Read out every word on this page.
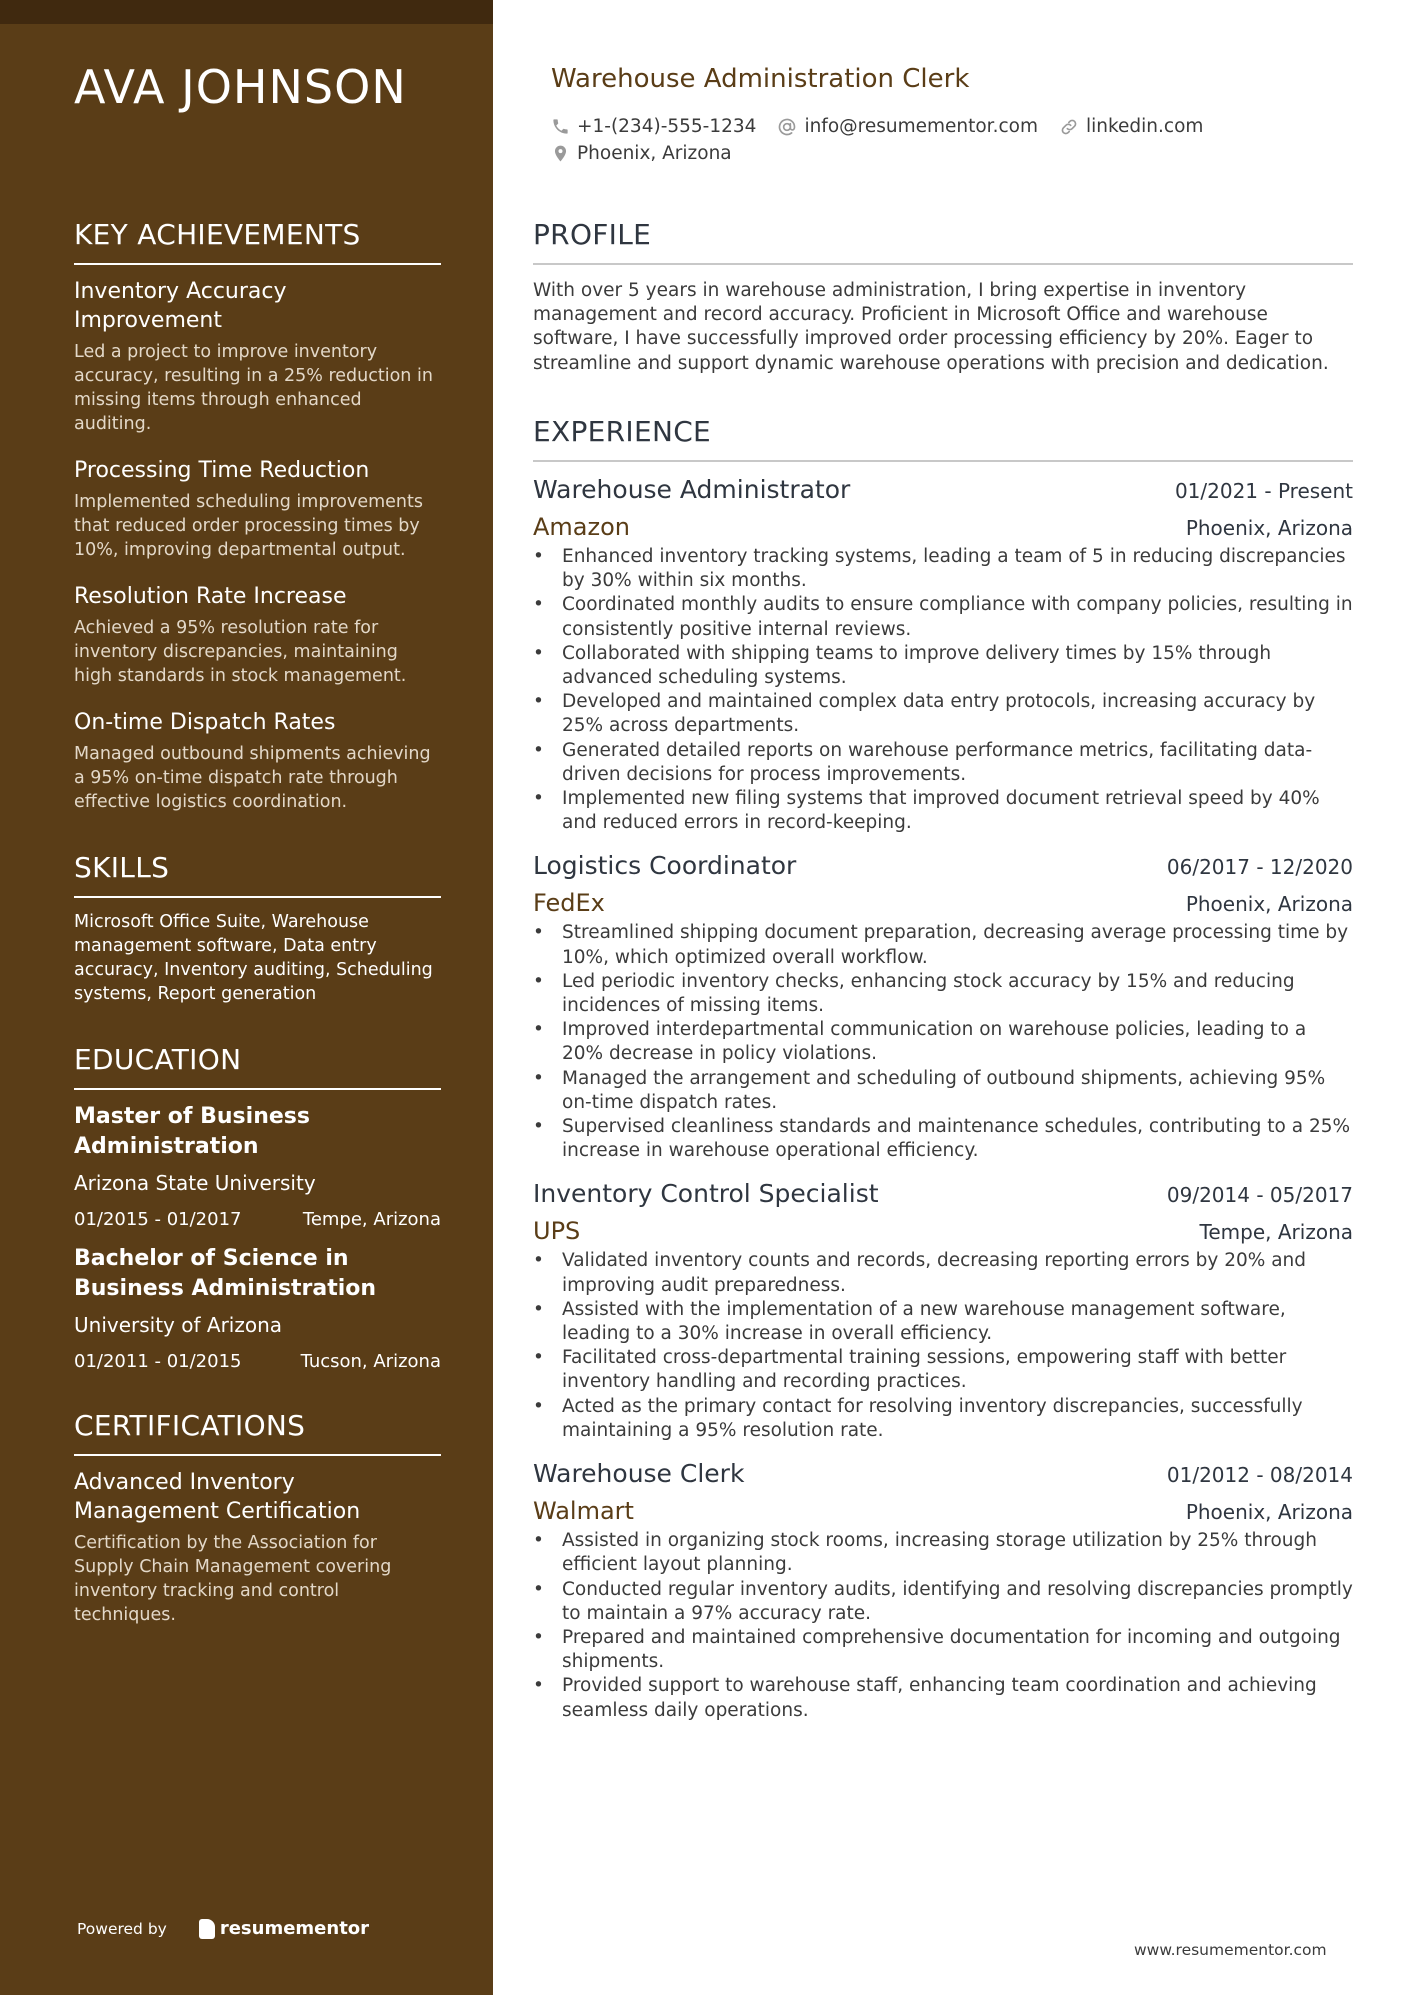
AVA JOHNSON
KEY ACHIEVEMENTS
Inventory Accuracy Improvement
Led a project to improve inventory accuracy, resulting in a 25% reduction in missing items through enhanced auditing.
Processing Time Reduction
Implemented scheduling improvements that reduced order processing times by 10%, improving departmental output.
Resolution Rate Increase
Achieved a 95% resolution rate for inventory discrepancies, maintaining high standards in stock management.
On-time Dispatch Rates
Managed outbound shipments achieving a 95% on-time dispatch rate through effective logistics coordination.
SKILLS
Microsoft Office Suite, Warehouse management software, Data entry accuracy, Inventory auditing, Scheduling systems, Report generation
EDUCATION
Master of Business Administration
Arizona State University
01/2015 - 01/2017	Tempe, Arizona
Bachelor of Science in Business Administration
University of Arizona
01/2011 - 01/2015	Tucson, Arizona
CERTIFICATIONS
Advanced Inventory Management Certification
Certification by the Association for Supply Chain Management covering inventory tracking and control techniques.
Powered by	resumementor
Warehouse Administration Clerk
+1-(234)-555-1234	info@resumementor.com	linkedin.com
Phoenix, Arizona
PROFILE
With over 5 years in warehouse administration, I bring expertise in inventory management and record accuracy. Proficient in Microsoft Office and warehouse software, I have successfully improved order processing efficiency by 20%. Eager to streamline and support dynamic warehouse operations with precision and dedication.
EXPERIENCE
Warehouse Administrator	01/2021 - Present
Amazon	Phoenix, Arizona
• Enhanced inventory tracking systems, leading a team of 5 in reducing discrepancies by 30% within six months.
• Coordinated monthly audits to ensure compliance with company policies, resulting in consistently positive internal reviews.
• Collaborated with shipping teams to improve delivery times by 15% through advanced scheduling systems.
• Developed and maintained complex data entry protocols, increasing accuracy by 25% across departments.
• Generated detailed reports on warehouse performance metrics, facilitating data-driven decisions for process improvements.
• Implemented new filing systems that improved document retrieval speed by 40% and reduced errors in record-keeping.
Logistics Coordinator	06/2017 - 12/2020
FedEx	Phoenix, Arizona
• Streamlined shipping document preparation, decreasing average processing time by 10%, which optimized overall workflow.
• Led periodic inventory checks, enhancing stock accuracy by 15% and reducing incidences of missing items.
• Improved interdepartmental communication on warehouse policies, leading to a 20% decrease in policy violations.
• Managed the arrangement and scheduling of outbound shipments, achieving 95% on-time dispatch rates.
• Supervised cleanliness standards and maintenance schedules, contributing to a 25% increase in warehouse operational efficiency.
Inventory Control Specialist	09/2014 - 05/2017
UPS	Tempe, Arizona
• Validated inventory counts and records, decreasing reporting errors by 20% and improving audit preparedness.
• Assisted with the implementation of a new warehouse management software, leading to a 30% increase in overall efficiency.
• Facilitated cross-departmental training sessions, empowering staff with better inventory handling and recording practices.
• Acted as the primary contact for resolving inventory discrepancies, successfully maintaining a 95% resolution rate.
Warehouse Clerk	01/2012 - 08/2014
Walmart	Phoenix, Arizona
• Assisted in organizing stock rooms, increasing storage utilization by 25% through efficient layout planning.
• Conducted regular inventory audits, identifying and resolving discrepancies promptly to maintain a 97% accuracy rate.
• Prepared and maintained comprehensive documentation for incoming and outgoing shipments.
• Provided support to warehouse staff, enhancing team coordination and achieving seamless daily operations.
www.resumementor.com
